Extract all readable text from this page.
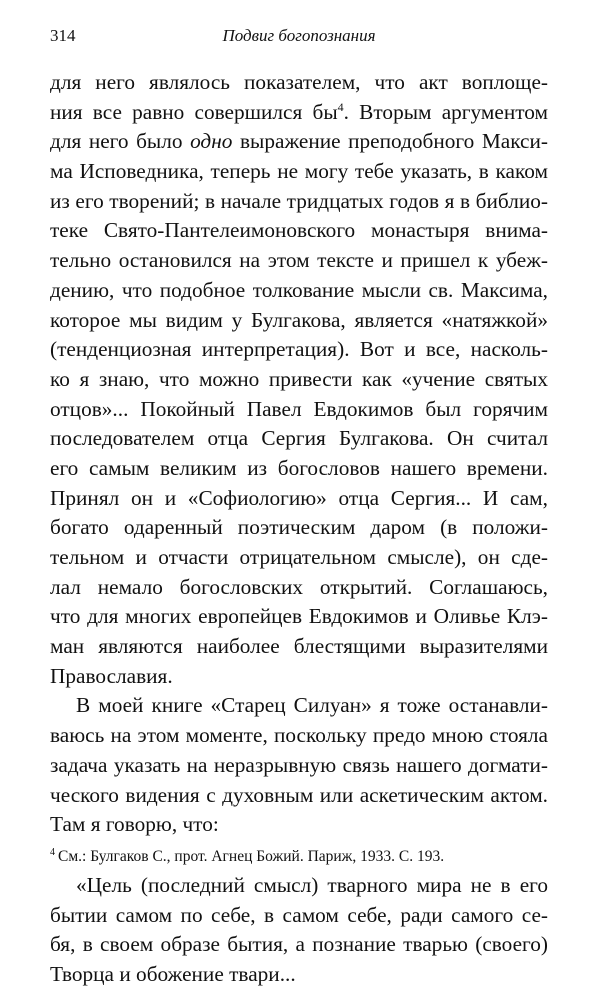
314	Подвиг богопознания
для него являлось показателем, что акт воплоще-
ния все равно совершился бы$^4$. Вторым аргументом
для него было одно выражение преподобного Макси-
ма Исповедника, теперь не могу тебе указать, в каком
из его творений; в начале тридцатых годов я в библио-
теке Свято-Пантелеимоновского монастыря внима-
тельно остановился на этом тексте и пришел к убеж-
дению, что подобное толкование мысли св. Максима,
которое мы видим у Булгакова, является «натяжкой»
(тенденциозная интерпретация). Вот и все, насколь-
ко я знаю, что можно привести как «учение святых
отцов»... Покойный Павел Евдокимов был горячим
последователем отца Сергия Булгакова. Он считал
его самым великим из богословов нашего времени.
Принял он и «Софиологию» отца Сергия... И сам,
богато одаренный поэтическим даром (в положи-
тельном и отчасти отрицательном смысле), он сде-
лал немало богословских открытий. Соглашаюсь,
что для многих европейцев Евдокимов и Оливье Клэ-
ман являются наиболее блестящими выразителями
Православия.
В моей книге «Старец Силуан» я тоже останавли-
ваюсь на этом моменте, поскольку предо мною стояла
задача указать на неразрывную связь нашего догмати-
ческого видения с духовным или аскетическим актом.
Там я говорю, что:
«Цель (последний смысл) тварного мира не в его
бытии самом по себе, в самом себе, ради самого се-
бя, в своем образе бытия, а познание тварью (своего)
Творца и обожение твари...
$^4$ См.: Булгаков С., прот. Агнец Божий. Париж, 1933. С. 193.
